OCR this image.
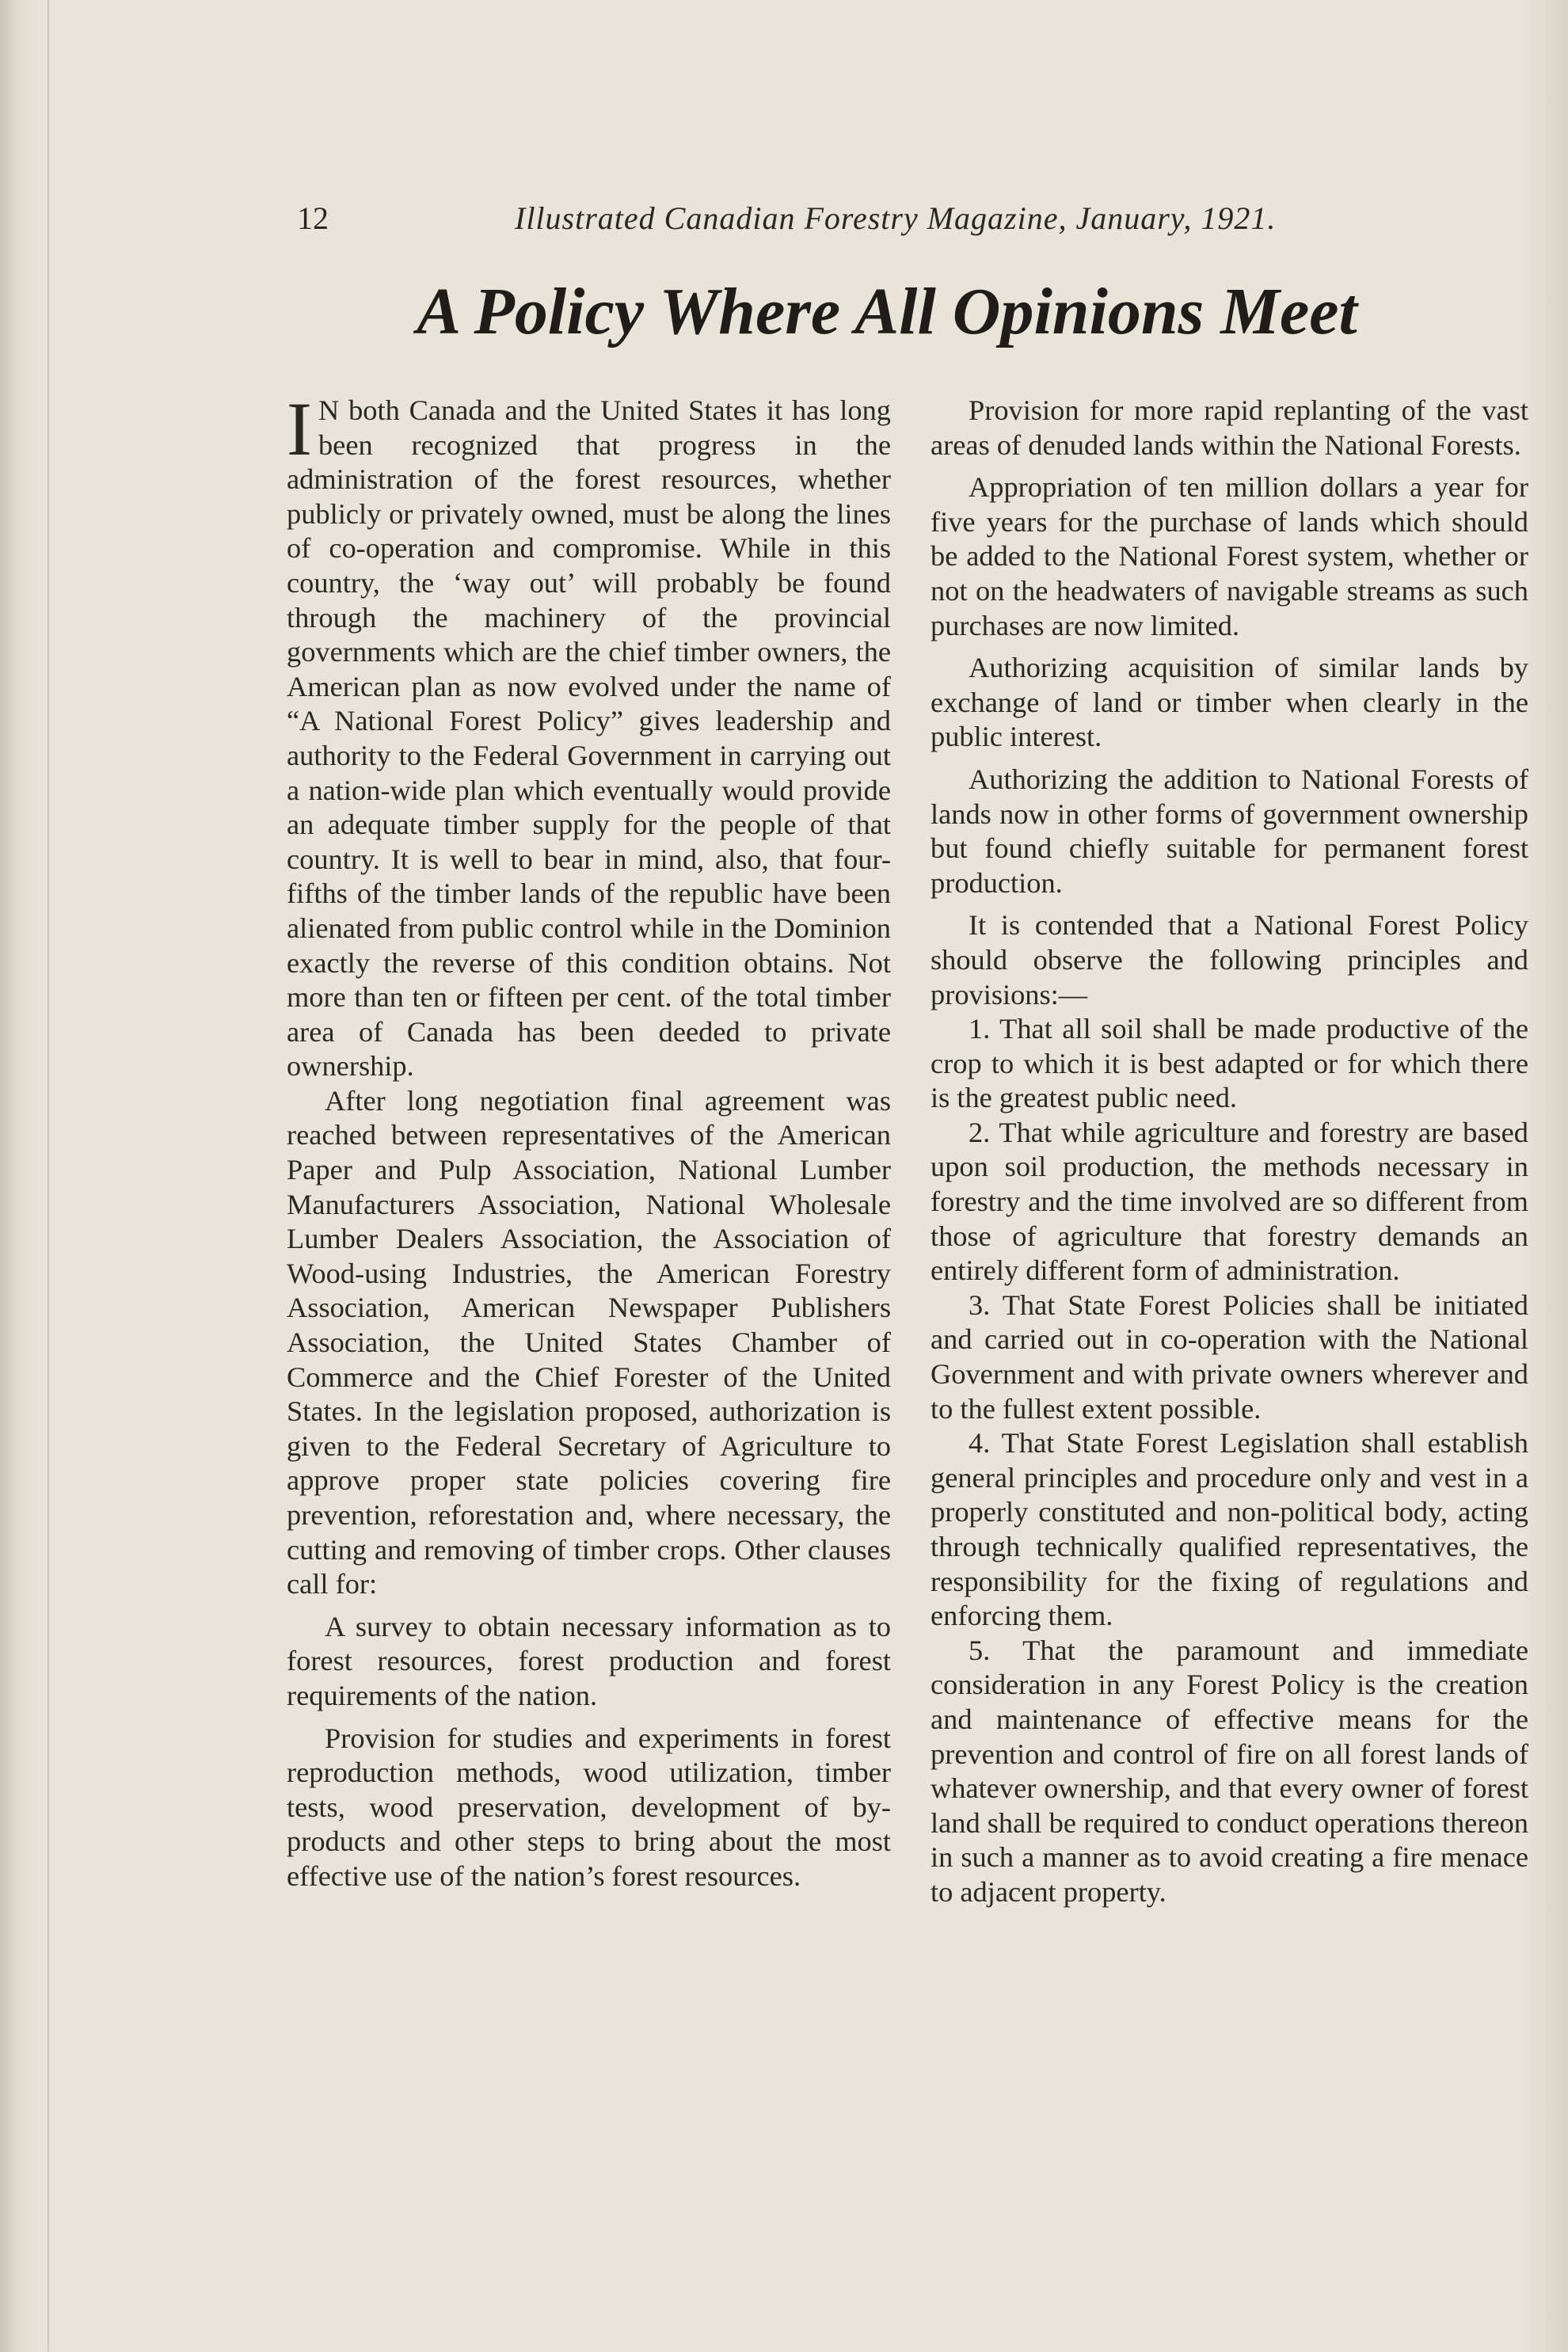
12	Illustrated Canadian Forestry Magazine, January, 1921.
A Policy Where All Opinions Meet

I N both Canada and the United States it has long been recognized that progress in the administration of the forest resources, whether publicly or privately owned, must be along the lines of co-operation and compromise. While in this country, the ‘way out’ will probably be found through the machinery of the provincial governments which are the chief timber owners, the American plan as now evolved under the name of “A National Forest Policy” gives leadership and authority to the Federal Government in carrying out a nation-wide plan which eventually would provide an adequate timber supply for the people of that country. It is well to bear in mind, also, that four-fifths of the timber lands of the republic have been alienated from public control while in the Dominion exactly the reverse of this condition obtains. Not more than ten or fifteen per cent. of the total timber area of Canada has been deeded to private ownership.

After long negotiation final agreement was reached between representatives of the American Paper and Pulp Association, National Lumber Manufacturers Association, National Wholesale Lumber Dealers Association, the Association of Wood-using Industries, the American Forestry Association, American Newspaper Publishers Association, the United States Chamber of Commerce and the Chief Forester of the United States. In the legislation proposed, authorization is given to the Federal Secretary of Agriculture to approve proper state policies covering fire prevention, reforestation and, where necessary, the cutting and removing of timber crops. Other clauses call for:

A survey to obtain necessary information as to forest resources, forest production and forest requirements of the nation.

Provision for studies and experiments in forest reproduction methods, wood utilization, timber tests, wood preservation, development of by-products and other steps to bring about the most effective use of the nation’s forest resources.

Provision for more rapid replanting of the vast areas of denuded lands within the National Forests.

Appropriation of ten million dollars a year for five years for the purchase of lands which should be added to the National Forest system, whether or not on the headwaters of navigable streams as such purchases are now limited.

Authorizing acquisition of similar lands by exchange of land or timber when clearly in the public interest.

Authorizing the addition to National Forests of lands now in other forms of government ownership but found chiefly suitable for permanent forest production.

It is contended that a National Forest Policy should observe the following principles and provisions:—

1. That all soil shall be made productive of the crop to which it is best adapted or for which there is the greatest public need.

2. That while agriculture and forestry are based upon soil production, the methods necessary in forestry and the time involved are so different from those of agriculture that forestry demands an entirely different form of administration.

3. That State Forest Policies shall be initiated and carried out in co-operation with the National Government and with private owners wherever and to the fullest extent possible.

4. That State Forest Legislation shall establish general principles and procedure only and vest in a properly constituted and non-political body, acting through technically qualified representatives, the responsibility for the fixing of regulations and enforcing them.

5. That the paramount and immediate consideration in any Forest Policy is the creation and maintenance of effective means for the prevention and control of fire on all forest lands of whatever ownership, and that every owner of forest land shall be required to conduct operations thereon in such a manner as to avoid creating a fire menace to adjacent property.
